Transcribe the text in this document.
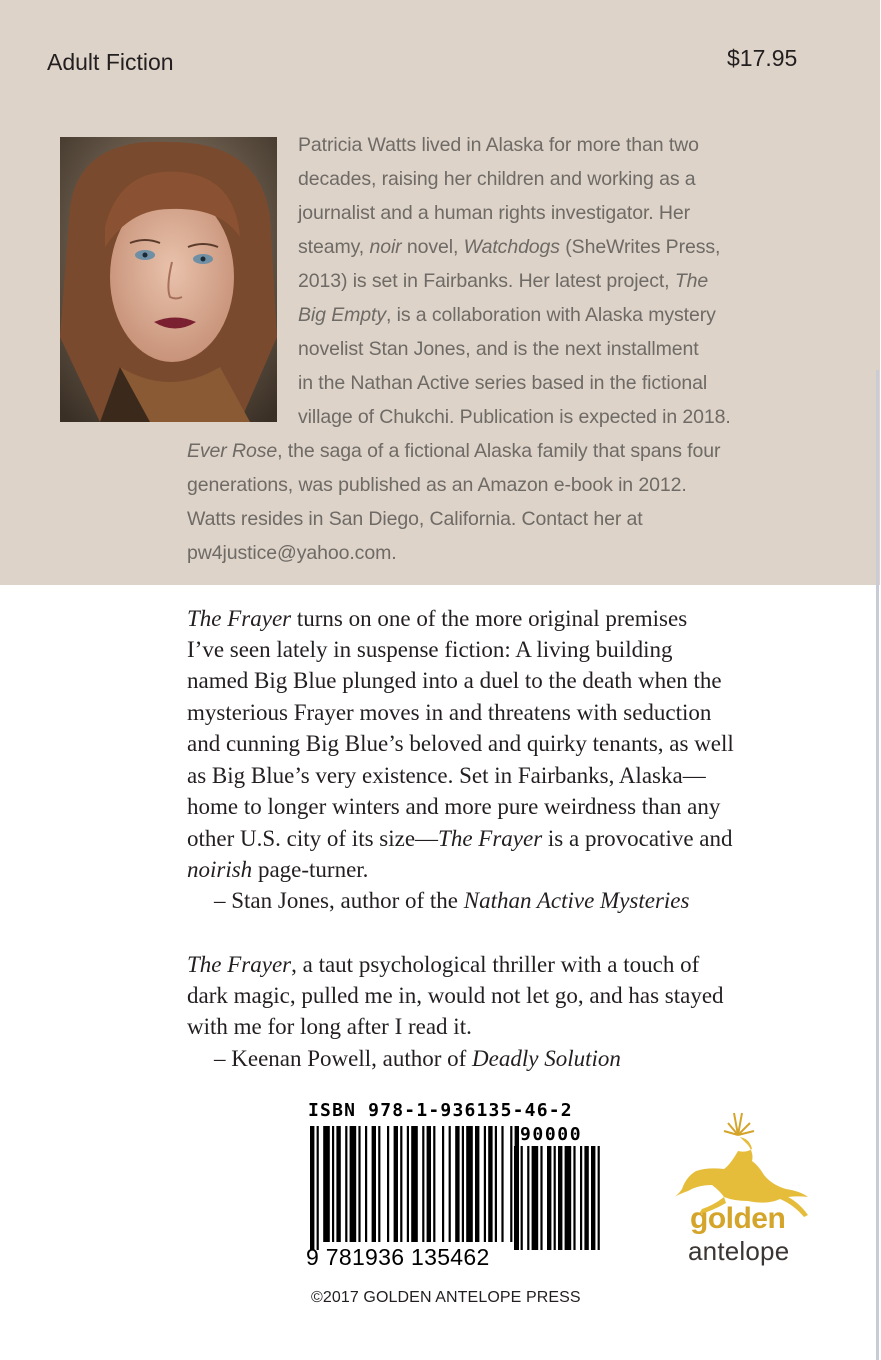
Adult Fiction	$17.95
Patricia Watts lived in Alaska for more than two
decades, raising her children and working as a
journalist and a human rights investigator. Her
steamy, noir novel, Watchdogs (SheWrites Press,
2013) is set in Fairbanks. Her latest project, The
Big Empty, is a collaboration with Alaska mystery
novelist Stan Jones, and is the next installment
in the Nathan Active series based in the fictional
village of Chukchi. Publication is expected in 2018.
Ever Rose, the saga of a fictional Alaska family that spans four
generations, was published as an Amazon e-book in 2012.
Watts resides in San Diego, California. Contact her at
pw4justice@yahoo.com.
The Frayer turns on one of the more original premises
I’ve seen lately in suspense fiction: A living building
named Big Blue plunged into a duel to the death when the
mysterious Frayer moves in and threatens with seduction
and cunning Big Blue’s beloved and quirky tenants, as well
as Big Blue’s very existence. Set in Fairbanks, Alaska—
home to longer winters and more pure weirdness than any
other U.S. city of its size—The Frayer is a provocative and
noirish page-turner.
– Stan Jones, author of the Nathan Active Mysteries
The Frayer, a taut psychological thriller with a touch of
dark magic, pulled me in, would not let go, and has stayed
with me for long after I read it.
– Keenan Powell, author of Deadly Solution
ISBN 978-1-936135-46-2
90000
9 781936 135462
golden
antelope
©2017 GOLDEN ANTELOPE PRESS
